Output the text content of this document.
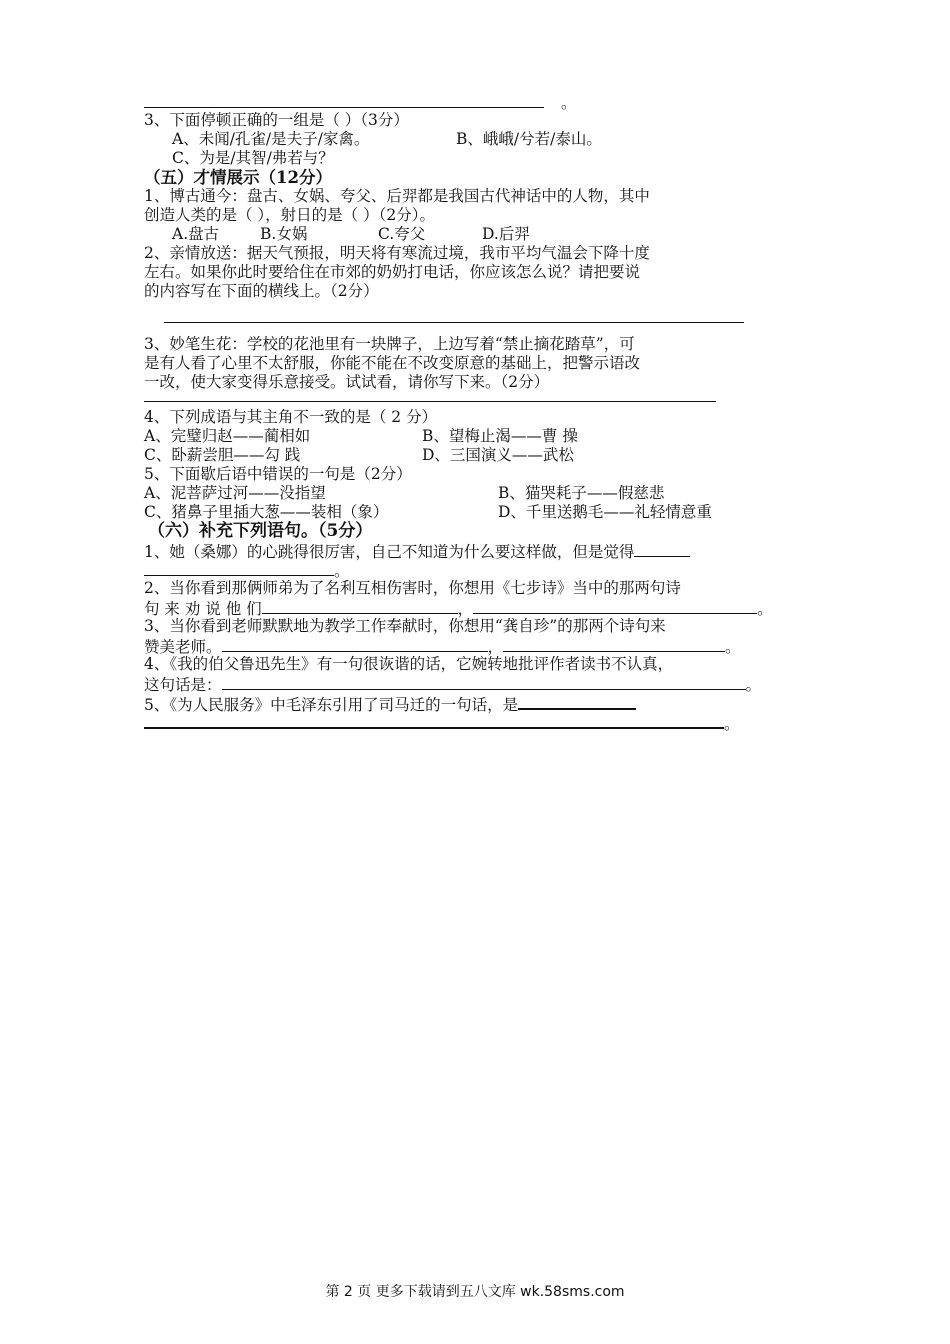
。
3、下面停顿正确的一组是（ ）（3分）
A、未闻/孔雀/是夫子/家禽。	B、峨峨/兮若/泰山。
C、为是/其智/弗若与？
（五）才情展示（12分）
1、博古通今：盘古、女娲、夸父、后羿都是我国古代神话中的人物，其中
创造人类的是（ ），射日的是（ ）（2分）。
A.盘古	B.女娲	C.夸父	D.后羿
2、亲情放送：据天气预报，明天将有寒流过境，我市平均气温会下降十度
左右。如果你此时要给住在市郊的奶奶打电话，你应该怎么说？请把要说
的内容写在下面的横线上。（2分）
3、妙笔生花：学校的花池里有一块牌子，上边写着“禁止摘花踏草”，可
是有人看了心里不太舒服，你能不能在不改变原意的基础上，把警示语改
一改，使大家变得乐意接受。试试看，请你写下来。（2分）
4、下列成语与其主角不一致的是（ 2 分）
A、完璧归赵——蔺相如	B、望梅止渴——曹 操
C、卧薪尝胆——勾 践	D、三国演义——武松
5、下面歇后语中错误的一句是（2分）
A、泥菩萨过河——没指望	B、猫哭耗子——假慈悲
C、猪鼻子里插大葱——装相（象）	D、千里送鹅毛——礼轻情意重
（六）补充下列语句。（5分）
1、她（桑娜）的心跳得很厉害，自己不知道为什么要这样做，但是觉得
。
2、当你看到那俩师弟为了名利互相伤害时，你想用《七步诗》当中的那两句诗
句 来 劝 说 他 们	，	。
3、当你看到老师默默地为教学工作奉献时，你想用“龚自珍”的那两个诗句来
赞美老师。	，	。
4、《我的伯父鲁迅先生》有一句很诙谐的话，它婉转地批评作者读书不认真，
这句话是：	。
5、《为人民服务》中毛泽东引用了司马迁的一句话，是
。
第 2 页 更多下载请到五八文库 wk.58sms.com
